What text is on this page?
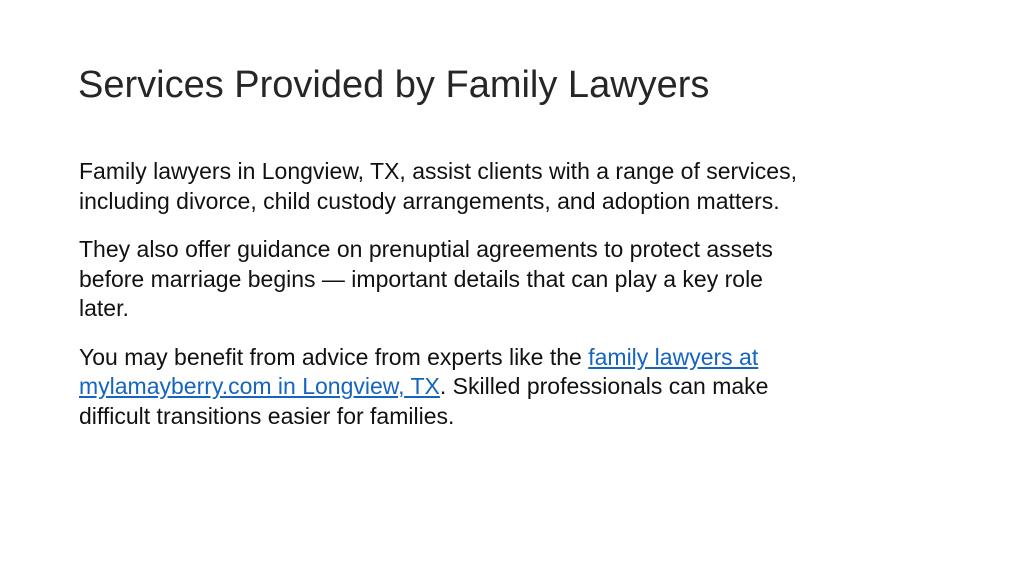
Services Provided by Family Lawyers

Family lawyers in Longview, TX, assist clients with a range of services,
including divorce, child custody arrangements, and adoption matters.

They also offer guidance on prenuptial agreements to protect assets
before marriage begins — important details that can play a key role
later.

You may benefit from advice from experts like the family lawyers at
mylamayberry.com in Longview, TX. Skilled professionals can make
difficult transitions easier for families.
